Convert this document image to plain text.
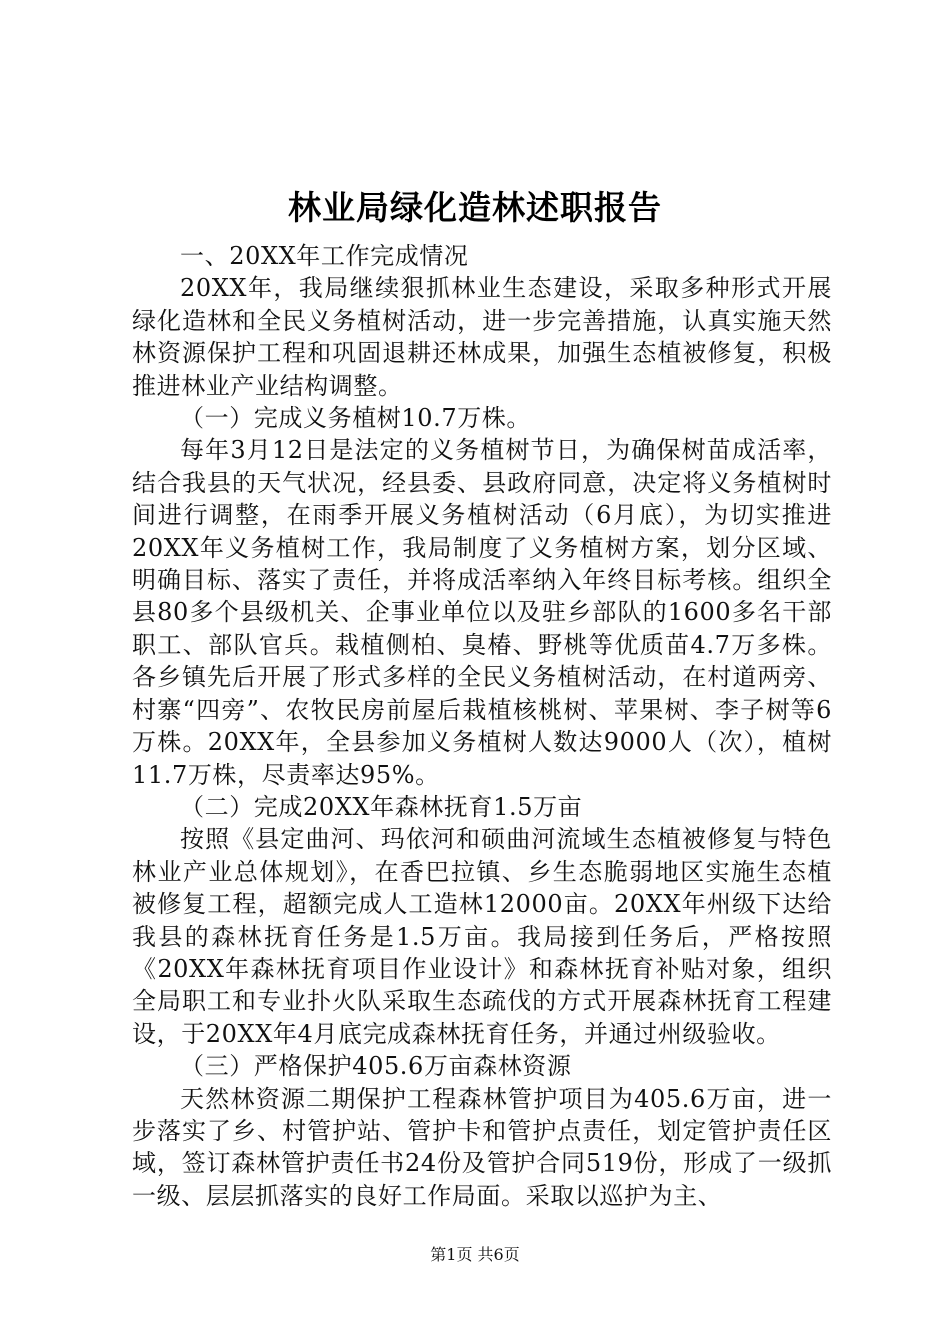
林业局绿化造林述职报告

一、20XX年工作完成情况

20XX年，我局继续狠抓林业生态建设，采取多种形式开展绿化造林和全民义务植树活动，进一步完善措施，认真实施天然林资源保护工程和巩固退耕还林成果，加强生态植被修复，积极推进林业产业结构调整。

（一）完成义务植树10.7万株。

每年3月12日是法定的义务植树节日，为确保树苗成活率，结合我县的天气状况，经县委、县政府同意，决定将义务植树时间进行调整，在雨季开展义务植树活动（6月底），为切实推进20XX年义务植树工作，我局制度了义务植树方案，划分区域、明确目标、落实了责任，并将成活率纳入年终目标考核。组织全县80多个县级机关、企事业单位以及驻乡部队的1600多名干部职工、部队官兵。栽植侧柏、臭椿、野桃等优质苗4.7万多株。各乡镇先后开展了形式多样的全民义务植树活动，在村道两旁、村寨“四旁”、农牧民房前屋后栽植核桃树、苹果树、李子树等6万株。20XX年，全县参加义务植树人数达9000人（次），植树11.7万株，尽责率达95%。

（二）完成20XX年森林抚育1.5万亩

按照《县定曲河、玛依河和硕曲河流域生态植被修复与特色林业产业总体规划》，在香巴拉镇、乡生态脆弱地区实施生态植被修复工程，超额完成人工造林12000亩。20XX年州级下达给我县的森林抚育任务是1.5万亩。我局接到任务后，严格按照《20XX年森林抚育项目作业设计》和森林抚育补贴对象，组织全局职工和专业扑火队采取生态疏伐的方式开展森林抚育工程建设，于20XX年4月底完成森林抚育任务，并通过州级验收。

（三）严格保护405.6万亩森林资源

天然林资源二期保护工程森林管护项目为405.6万亩，进一步落实了乡、村管护站、管护卡和管护点责任，划定管护责任区域，签订森林管护责任书24份及管护合同519份，形成了一级抓一级、层层抓落实的良好工作局面。采取以巡护为主、

第1页 共6页
